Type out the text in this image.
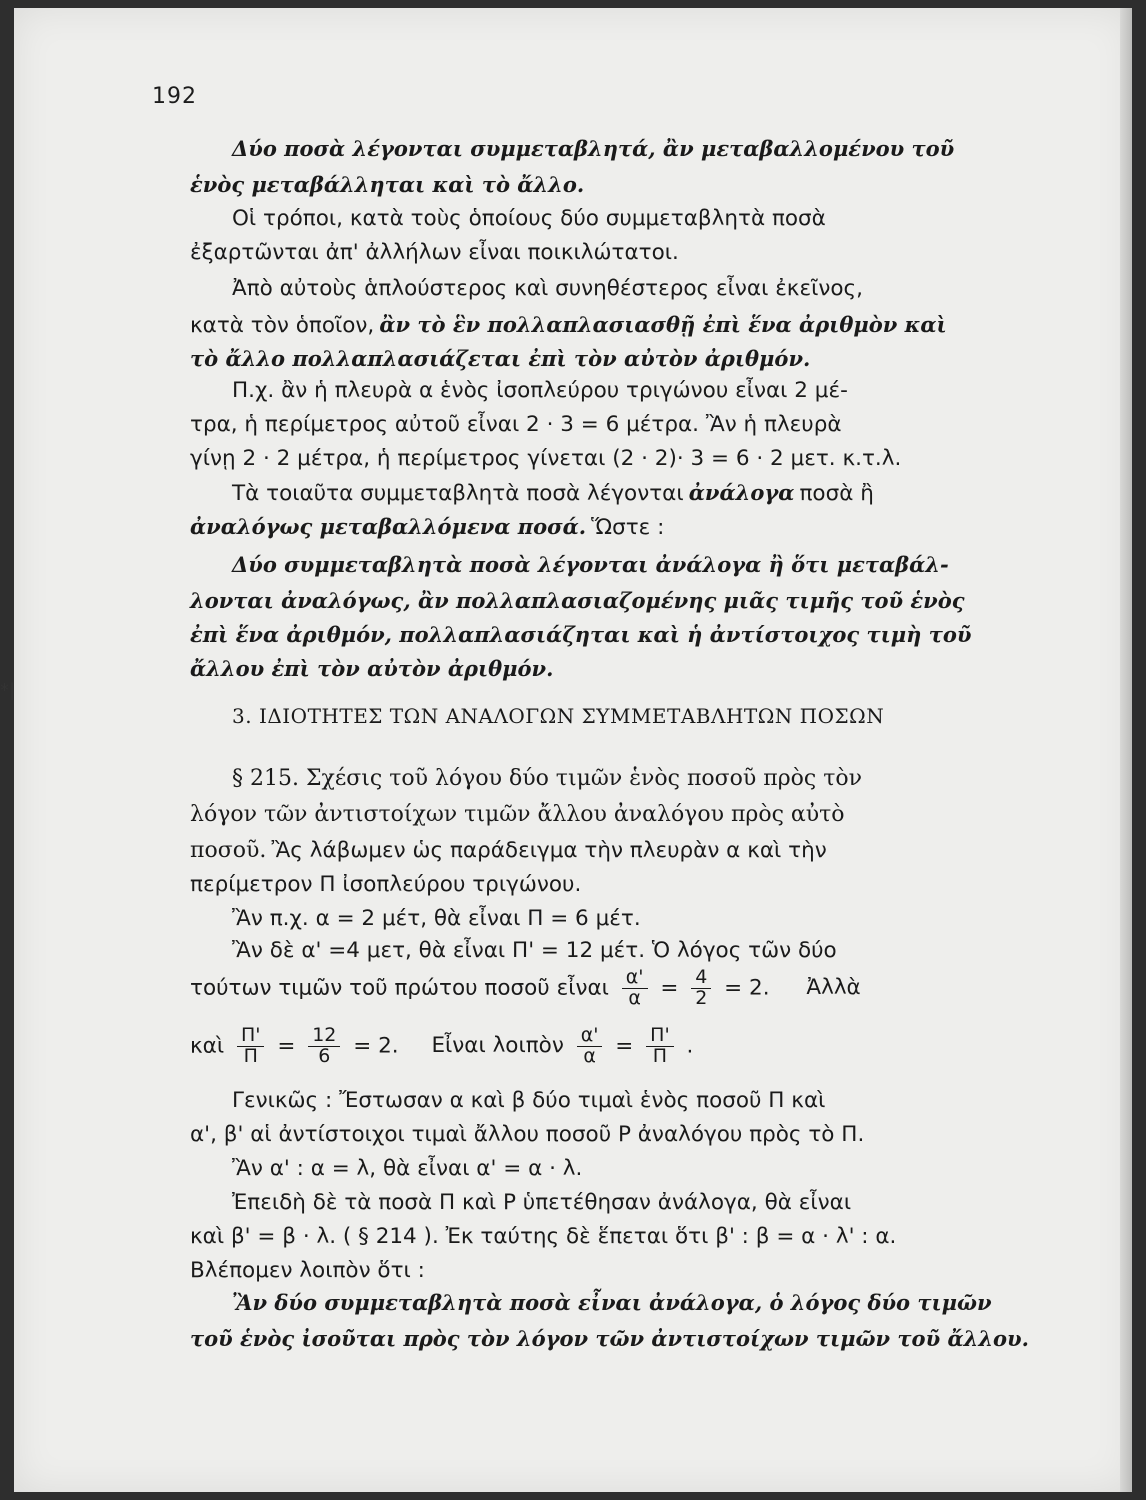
*|
192
Δύο ποσὰ λέγονται συμμεταβλητά, ἂν μεταβαλλομένου τοῦ
ἑνὸς μεταβάλληται καὶ τὸ ἄλλο.
Οἱ τρόποι, κατὰ τοὺς ὁποίους δύο συμμεταβλητὰ ποσὰ
ἐξαρτῶνται ἀπ' ἀλλήλων εἶναι ποικιλώτατοι.
Ἀπὸ αὐτοὺς ἁπλούστερος καὶ συνηθέστερος εἶναι ἐκεῖνος,
κατὰ τὸν ὁποῖον, ἂν τὸ ἓν πολλαπλασιασθῇ ἐπὶ ἕνα ἀριθμὸν καὶ
τὸ ἄλλο πολλαπλασιάζεται ἐπὶ τὸν αὐτὸν ἀριθμόν.
Π.χ. ἂν ἡ πλευρὰ α ἑνὸς ἰσοπλεύρου τριγώνου εἶναι 2 μέ-
τρα, ἡ περίμετρος αὐτοῦ εἶναι 2 · 3 = 6 μέτρα. Ἂν ἡ πλευρὰ
γίνῃ 2 · 2 μέτρα, ἡ περίμετρος γίνεται (2 · 2)· 3 = 6 · 2 μετ. κ.τ.λ.
Τὰ τοιαῦτα συμμεταβλητὰ ποσὰ λέγονται ἀνάλογα ποσὰ ἢ
ἀναλόγως μεταβαλλόμενα ποσά. Ὥστε :
Δύο συμμεταβλητὰ ποσὰ λέγονται ἀνάλογα ἢ ὅτι μεταβάλ-
λονται ἀναλόγως, ἂν πολλαπλασιαζομένης μιᾶς τιμῆς τοῦ ἑνὸς
ἐπὶ ἕνα ἀριθμόν, πολλαπλασιάζηται καὶ ἡ ἀντίστοιχος τιμὴ τοῦ
ἄλλου ἐπὶ τὸν αὐτὸν ἀριθμόν.
3. ΙΔΙΟΤΗΤΕΣ ΤΩΝ ΑΝΑΛΟΓΩΝ ΣΥΜΜΕΤΑΒΛΗΤΩΝ ΠΟΣΩΝ
§ 215. Σχέσις τοῦ λόγου δύο τιμῶν ἑνὸς ποσοῦ πρὸς τὸν
λόγον τῶν ἀντιστοίχων τιμῶν ἄλλου ἀναλόγου πρὸς αὐτὸ
ποσοῦ. Ἂς λάβωμεν ὡς παράδειγμα τὴν πλευρὰν α καὶ τὴν
περίμετρον Π ἰσοπλεύρου τριγώνου.
Ἂν π.χ. α = 2 μέτ, θὰ εἶναι Π = 6 μέτ.
Ἂν δὲ α' =4 μετ, θὰ εἶναι Π' = 12 μέτ. Ὁ λόγος τῶν δύο
τούτων τιμῶν τοῦ πρώτου ποσοῦ εἶναι $\frac{\alpha'}{\alpha} = \frac{4}{2} = 2$. Ἀλλὰ
καὶ $\frac{\Pi'}{\Pi} = \frac{12}{6} = 2$. Εἶναι λοιπὸν $\frac{\alpha'}{\alpha} = \frac{\Pi'}{\Pi}$ .
Γενικῶς : Ἔστωσαν α καὶ β δύο τιμαὶ ἑνὸς ποσοῦ Π καὶ
α', β' αἱ ἀντίστοιχοι τιμαὶ ἄλλου ποσοῦ Ρ ἀναλόγου πρὸς τὸ Π.
Ἂν α' : α = λ, θὰ εἶναι α' = α · λ.
Ἐπειδὴ δὲ τὰ ποσὰ Π καὶ Ρ ὑπετέθησαν ἀνάλογα, θὰ εἶναι
καὶ β' = β · λ. ( § 214 ). Ἐκ ταύτης δὲ ἕπεται ὅτι β' : β = α · λ' : α.
Βλέπομεν λοιπὸν ὅτι :
Ἂν δύο συμμεταβλητὰ ποσὰ εἶναι ἀνάλογα, ὁ λόγος δύο τιμῶν
τοῦ ἑνὸς ἰσοῦται πρὸς τὸν λόγον τῶν ἀντιστοίχων τιμῶν τοῦ ἄλλου.
